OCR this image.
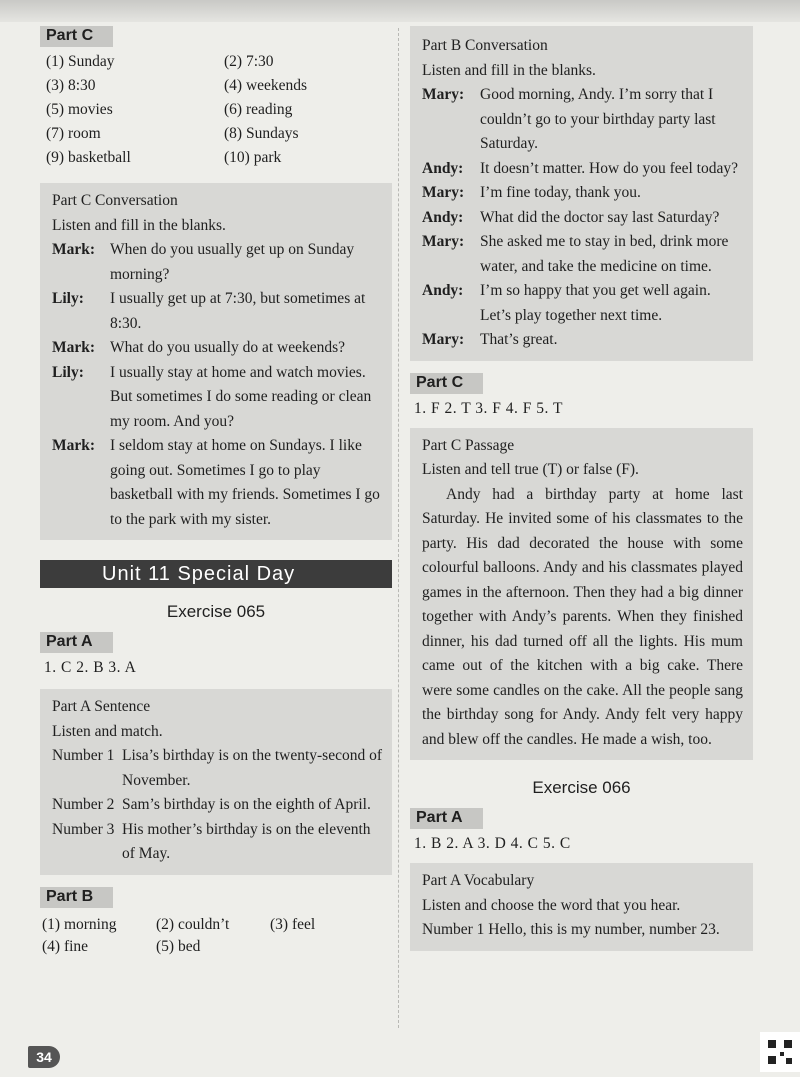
Part C
(1) Sunday	(2) 7:30
(3) 8:30	(4) weekends
(5) movies	(6) reading
(7) room	(8) Sundays
(9) basketball	(10) park

Part C Conversation

Listen and fill in the blanks.

Mark: When do you usually get up on Sunday morning?
Lily:	I usually get up at 7:30, but sometimes at 8:30.
Mark: What do you usually do at weekends?
Lily:	I usually stay at home and watch movies. But sometimes I do some reading or clean my room. And you?
Mark: I seldom stay at home on Sundays. I like going out. Sometimes I go to play basketball with my friends. Sometimes I go to the park with my sister.
Unit 11 Special Day
Exercise 065
Part A
1. C 2. B 3. A

Part A Sentence

Listen and match.

Number 1 Lisa’s birthday is on the twenty-second of November.
Number 2 Sam’s birthday is on the eighth of April.
Number 3 His mother’s birthday is on the eleventh of May.
Part B
(1) morning	(2) couldn’t	(3) feel
(4) fine	(5) bed

Part B Conversation

Listen and fill in the blanks.

Mary:	Good morning, Andy. I’m sorry that I couldn’t go to your birthday party last Saturday.
Andy:	It doesn’t matter. How do you feel today?
Mary:	I’m fine today, thank you.
Andy:	What did the doctor say last Saturday?
Mary:	She asked me to stay in bed, drink more water, and take the medicine on time.
Andy:	I’m so happy that you get well again. Let’s play together next time.
Mary:	That’s great.
Part C
1. F 2. T 3. F 4. F 5. T

Part C Passage

Listen and tell true (T) or false (F).

Andy had a birthday party at home last Saturday. He invited some of his classmates to the party. His dad decorated the house with some colourful balloons. Andy and his classmates played games in the afternoon. Then they had a big dinner together with Andy’s parents. When they finished dinner, his dad turned off all the lights. His mum came out of the kitchen with a big cake. There were some candles on the cake. All the people sang the birthday song for Andy. Andy felt very happy and blew off the candles. He made a wish, too.

Exercise 066
Part A
1. B 2. A 3. D 4. C 5. C

Part A Vocabulary

Listen and choose the word that you hear.

Number 1 Hello, this is my number, number 23.

34
